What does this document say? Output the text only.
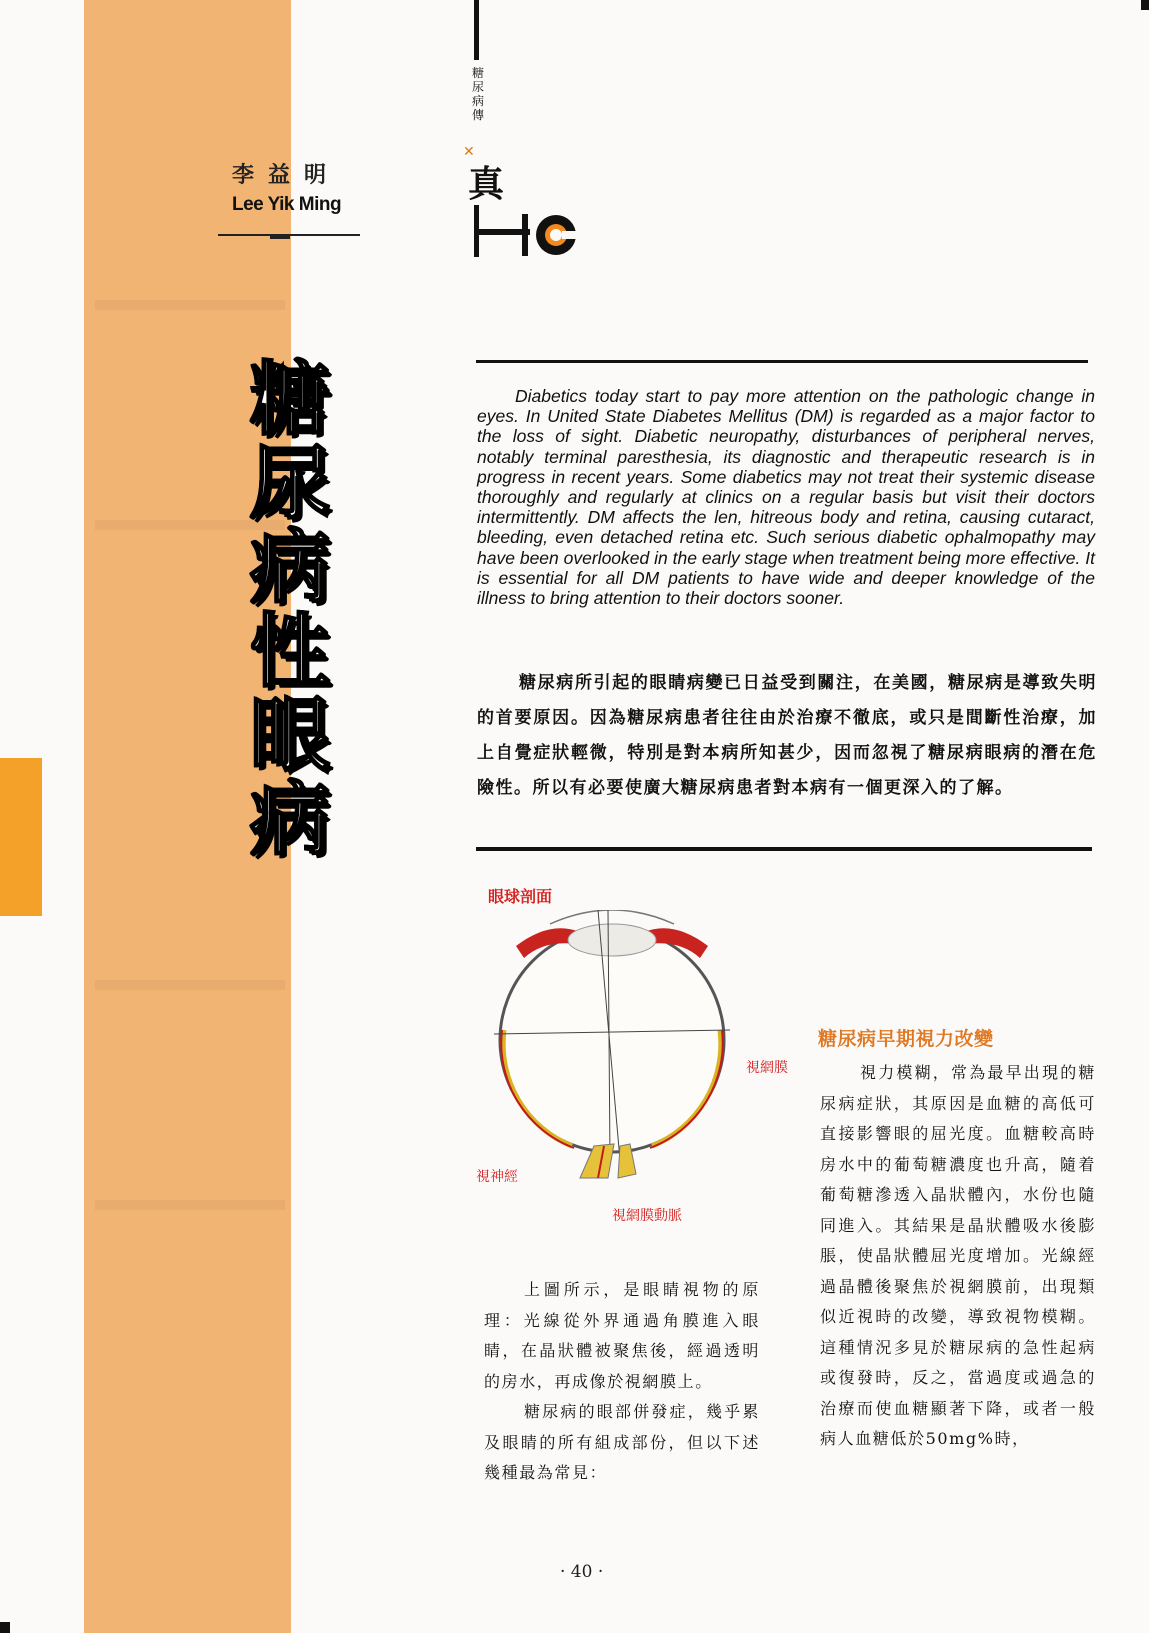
李益明
Lee Yik Ming
糖
尿
病
性
眼
病
糖
尿
病
傳
✕
真
Diabetics today start to pay more attention on the pathologic change in eyes. In United State Diabetes Mellitus (DM) is regarded as a major factor to the loss of sight. Diabetic neuropathy, disturbances of peripheral nerves, notably terminal paresthesia, its diagnostic and therapeutic research is in progress in recent years. Some diabetics may not treat their systemic disease thoroughly and regularly at clinics on a regular basis but visit their doctors intermittently. DM affects the len, hitreous body and retina, causing cutaract, bleeding, even detached retina etc. Such serious diabetic ophalmopathy may have been overlooked in the early stage when treatment being more effective. It is essential for all DM patients to have wide and deeper knowledge of the illness to bring attention to their doctors sooner.
糖尿病所引起的眼睛病變已日益受到關注，在美國，糖尿病是導致失明的首要原因。因為糖尿病患者往往由於治療不徹底，或只是間斷性治療，加上自覺症狀輕微，特別是對本病所知甚少，因而忽視了糖尿病眼病的潛在危險性。所以有必要使廣大糖尿病患者對本病有一個更深入的了解。
眼球剖面
視網膜
視神經
視網膜動脈

上圖所示，是眼睛視物的原理：光線從外界通過角膜進入眼睛，在晶狀體被聚焦後，經過透明的房水，再成像於視網膜上。

糖尿病的眼部併發症，幾乎累及眼睛的所有組成部份，但以下述幾種最為常見：

糖尿病早期視力改變
視力模糊，常為最早出現的糖尿病症狀，其原因是血糖的高低可直接影響眼的屈光度。血糖較高時房水中的葡萄糖濃度也升高，隨着葡萄糖滲透入晶狀體內，水份也隨同進入。其結果是晶狀體吸水後膨脹，使晶狀體屈光度增加。光線經過晶體後聚焦於視網膜前，出現類似近視時的改變，導致視物模糊。這種情況多見於糖尿病的急性起病或復發時，反之，當過度或過急的治療而使血糖顯著下降，或者一般病人血糖低於50mg%時，
· 40 ·
